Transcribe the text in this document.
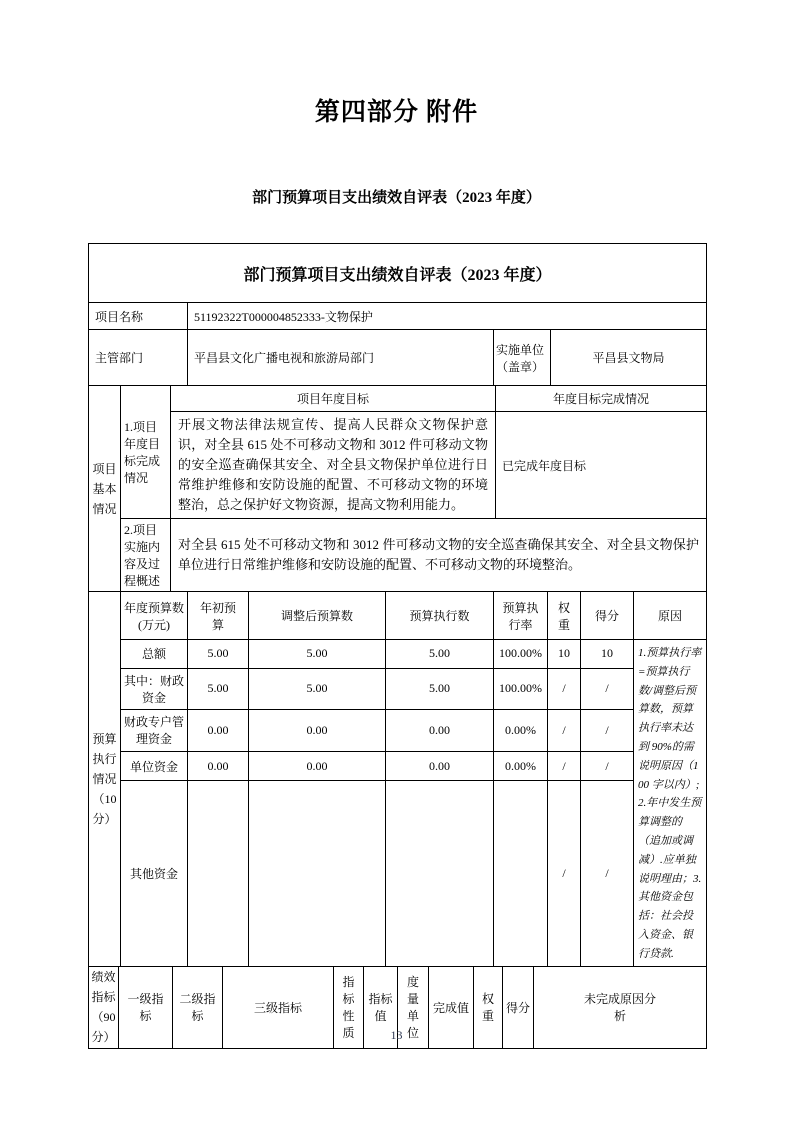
第四部分 附件
部门预算项目支出绩效自评表（2023 年度）
部门预算项目支出绩效自评表（2023 年度）
项目名称	51192322T000004852333-文物保护		
主管部门	平昌县文化广播电视和旅游局部门	实施单位（盖章）	平昌县文物局
项目基本情况	1.项目年度目标完成情况	项目年度目标	年度目标完成情况
		开展文物法律法规宣传、提高人民群众文物保护意识，对全县 615 处不可移动文物和 3012 件可移动文物的安全巡查确保其安全、对全县文物保护单位进行日常维护维修和安防设施的配置、不可移动文物的环境整治，总之保护好文物资源，提高文物利用能力。	已完成年度目标
	2.项目实施内容及过程概述	对全县 615 处不可移动文物和 3012 件可移动文物的安全巡查确保其安全、对全县文物保护单位进行日常维护维修和安防设施的配置、不可移动文物的环境整治。	
预算执行情况（10分）	年度预算数(万元)	年初预算	调整后预算数	预算执行数	预算执行率	权重	得分	原因
	总额	5.00	5.00	5.00	100.00%	10	10	1.预算执行率=预算执行数/调整后预算数，预算执行率未达到 90%的需说明原因（100 字以内）;2.年中发生预算调整的（追加或调减）.应单独说明理由；3.其他资金包括：社会投入资金、银行贷款.
	其中：财政资金	5.00	5.00	5.00	100.00%	/	/	
	财政专户管理资金	0.00	0.00	0.00	0.00%	/	/	
	单位资金	0.00	0.00	0.00	0.00%	/	/	
	其他资金					/	/	
绩效指标（90分）	一级指标	二级指标	三级指标	指标性质	指标值	度量单位	完成值	权重	得分	未完成原因分析
13
